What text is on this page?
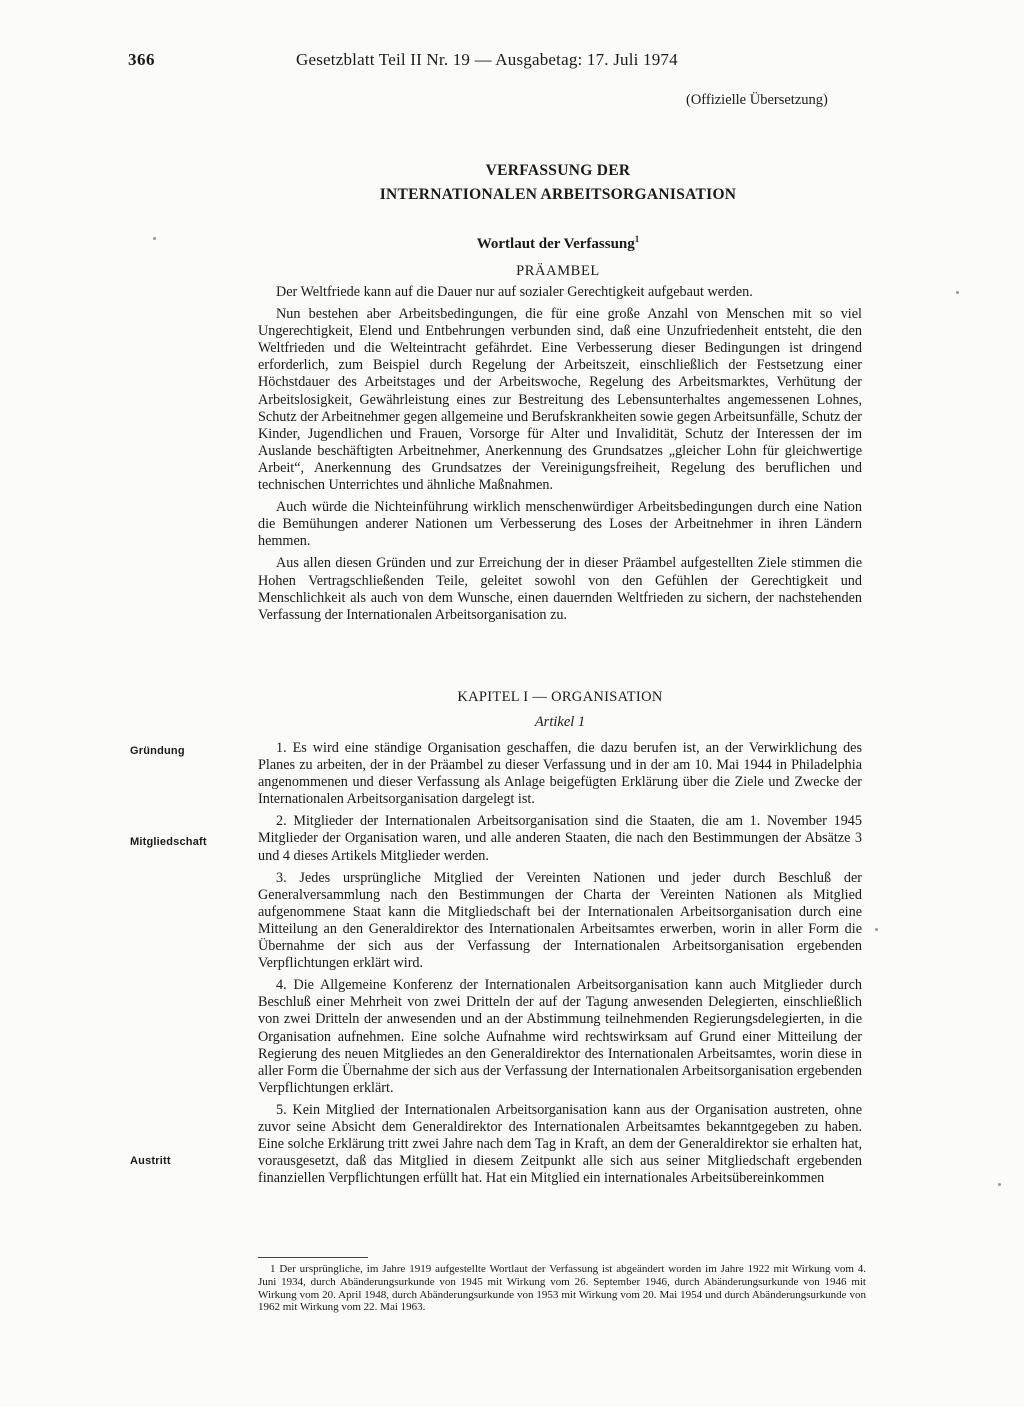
366	Gesetzblatt Teil II Nr. 19 — Ausgabetag: 17. Juli 1974
(Offizielle Übersetzung)

VERFASSUNG DER

INTERNATIONALEN ARBEITSORGANISATION

Wortlaut der Verfassung$^1$

PRÄAMBEL

Der Weltfriede kann auf die Dauer nur auf sozialer Gerechtigkeit aufgebaut werden.

Nun bestehen aber Arbeitsbedingungen, die für eine große Anzahl von Menschen mit so viel Ungerechtigkeit, Elend und Entbehrungen verbunden sind, daß eine Unzufriedenheit entsteht, die den Weltfrieden und die Welteintracht gefährdet. Eine Verbesserung dieser Bedingungen ist dringend erforderlich, zum Beispiel durch Regelung der Arbeitszeit, einschließlich der Festsetzung einer Höchstdauer des Arbeitstages und der Arbeitswoche, Regelung des Arbeitsmarktes, Verhütung der Arbeitslosigkeit, Gewährleistung eines zur Bestreitung des Lebensunterhaltes angemessenen Lohnes, Schutz der Arbeitnehmer gegen allgemeine und Berufskrankheiten sowie gegen Arbeitsunfälle, Schutz der Kinder, Jugendlichen und Frauen, Vorsorge für Alter und Invalidität, Schutz der Interessen der im Auslande beschäftigten Arbeitnehmer, Anerkennung des Grundsatzes „gleicher Lohn für gleichwertige Arbeit“, Anerkennung des Grundsatzes der Vereinigungsfreiheit, Regelung des beruflichen und technischen Unterrichtes und ähnliche Maßnahmen.

Auch würde die Nichteinführung wirklich menschenwürdiger Arbeitsbedingungen durch eine Nation die Bemühungen anderer Nationen um Verbesserung des Loses der Arbeitnehmer in ihren Ländern hemmen.

Aus allen diesen Gründen und zur Erreichung der in dieser Präambel aufgestellten Ziele stimmen die Hohen Vertragschließenden Teile, geleitet sowohl von den Gefühlen der Gerechtigkeit und Menschlichkeit als auch von dem Wunsche, einen dauernden Weltfrieden zu sichern, der nachstehenden Verfassung der Internationalen Arbeitsorganisation zu.

KAPITEL I — ORGANISATION
Artikel 1
Gründung
Mitgliedschaft
Austritt

1. Es wird eine ständige Organisation geschaffen, die dazu berufen ist, an der Verwirklichung des Planes zu arbeiten, der in der Präambel zu dieser Verfassung und in der am 10. Mai 1944 in Philadelphia angenommenen und dieser Verfassung als Anlage beigefügten Erklärung über die Ziele und Zwecke der Internationalen Arbeitsorganisation dargelegt ist.

2. Mitglieder der Internationalen Arbeitsorganisation sind die Staaten, die am 1. November 1945 Mitglieder der Organisation waren, und alle anderen Staaten, die nach den Bestimmungen der Absätze 3 und 4 dieses Artikels Mitglieder werden.

3. Jedes ursprüngliche Mitglied der Vereinten Nationen und jeder durch Beschluß der Generalversammlung nach den Bestimmungen der Charta der Vereinten Nationen als Mitglied aufgenommene Staat kann die Mitgliedschaft bei der Internationalen Arbeitsorganisation durch eine Mitteilung an den Generaldirektor des Internationalen Arbeitsamtes erwerben, worin in aller Form die Übernahme der sich aus der Verfassung der Internationalen Arbeitsorganisation ergebenden Verpflichtungen erklärt wird.

4. Die Allgemeine Konferenz der Internationalen Arbeitsorganisation kann auch Mitglieder durch Beschluß einer Mehrheit von zwei Dritteln der auf der Tagung anwesenden Delegierten, einschließlich von zwei Dritteln der anwesenden und an der Abstimmung teilnehmenden Regierungsdelegierten, in die Organisation aufnehmen. Eine solche Aufnahme wird rechtswirksam auf Grund einer Mitteilung der Regierung des neuen Mitgliedes an den Generaldirektor des Internationalen Arbeitsamtes, worin diese in aller Form die Übernahme der sich aus der Verfassung der Internationalen Arbeitsorganisation ergebenden Verpflichtungen erklärt.

5. Kein Mitglied der Internationalen Arbeitsorganisation kann aus der Organisation austreten, ohne zuvor seine Absicht dem Generaldirektor des Internationalen Arbeitsamtes bekanntgegeben zu haben. Eine solche Erklärung tritt zwei Jahre nach dem Tag in Kraft, an dem der Generaldirektor sie erhalten hat, vorausgesetzt, daß das Mitglied in diesem Zeitpunkt alle sich aus seiner Mitgliedschaft ergebenden finanziellen Verpflichtungen erfüllt hat. Hat ein Mitglied ein internationales Arbeitsübereinkommen

1 Der ursprüngliche, im Jahre 1919 aufgestellte Wortlaut der Verfassung ist abgeändert worden im Jahre 1922 mit Wirkung vom 4. Juni 1934, durch Abänderungsurkunde von 1945 mit Wirkung vom 26. September 1946, durch Abänderungsurkunde von 1946 mit Wirkung vom 20. April 1948, durch Abänderungsurkunde von 1953 mit Wirkung vom 20. Mai 1954 und durch Abänderungsurkunde von 1962 mit Wirkung vom 22. Mai 1963.
